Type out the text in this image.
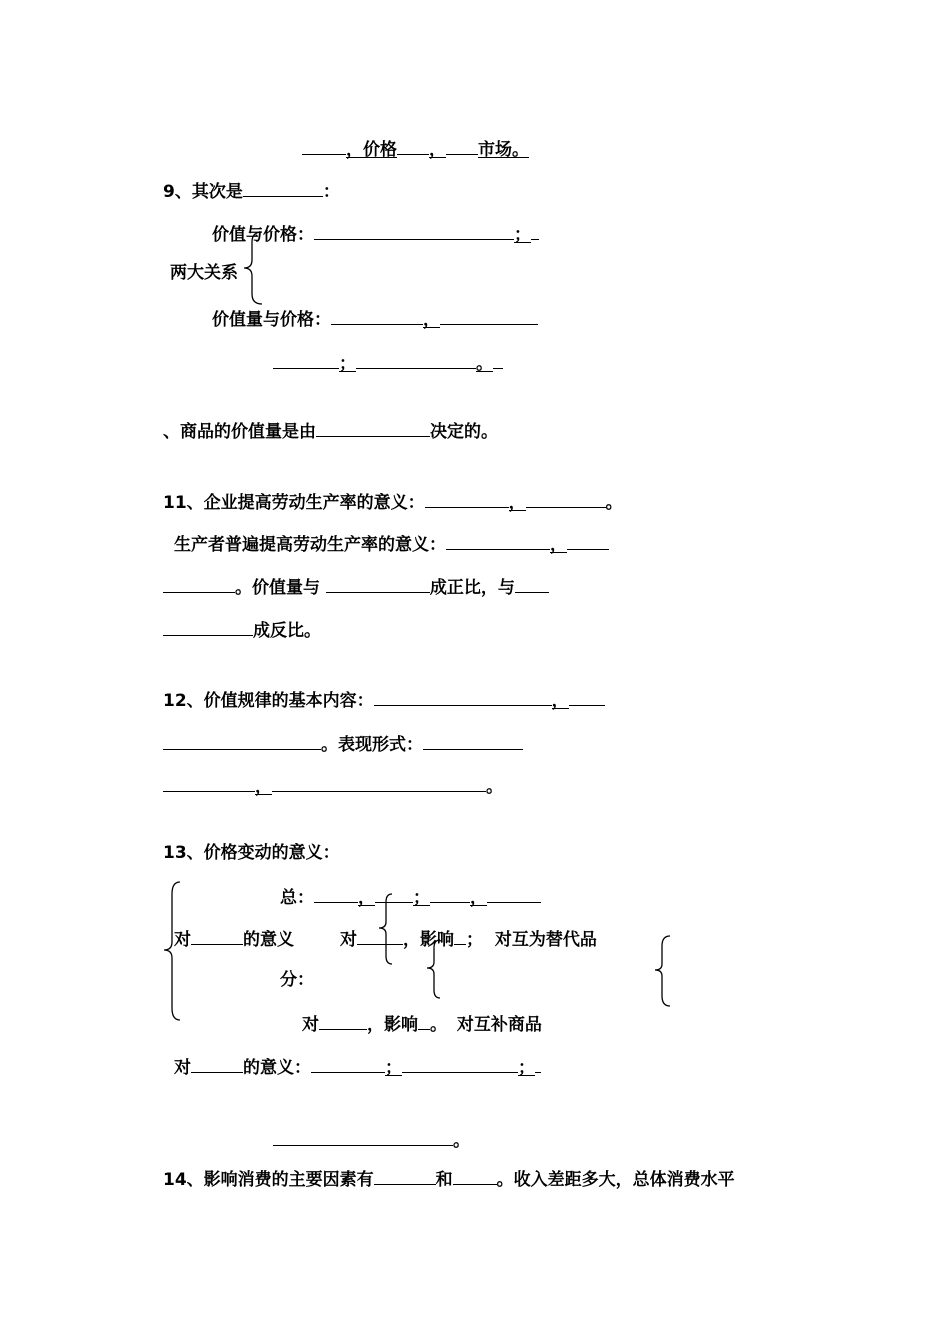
，价格 ， 市场。
9、其次是	：
价值与价格：	；
两大关系
价值量与价格：	，
；	。
、商品的价值量是由	决定的。
11、企业提高劳动生产率的意义：	，	。
生产者普遍提高劳动生产率的意义：	，
。价值量与	成正比，与
成反比。
12、价值规律的基本内容：	，
。表现形式：
，	。
13、价格变动的意义：
总：	， ； ，
对	的意义	对	，影响 ； 对互为替代品
分：
对	，影响 。 对互补商品
对	的意义：	；	；
。
14、影响消费的主要因素有	和	。收入差距多大，总体消费水平
